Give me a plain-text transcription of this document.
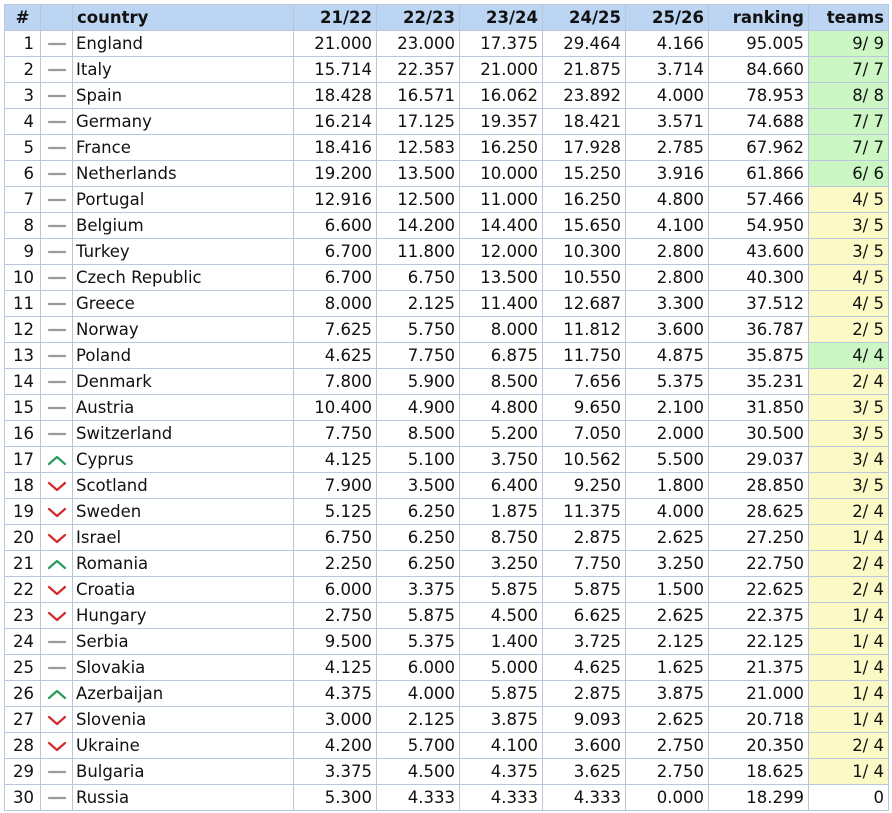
#		country	21/22	22/23	23/24	24/25	25/26	ranking	teams
1		England	21.000	23.000	17.375	29.464	4.166	95.005	9/ 9
2		Italy	15.714	22.357	21.000	21.875	3.714	84.660	7/ 7
3		Spain	18.428	16.571	16.062	23.892	4.000	78.953	8/ 8
4		Germany	16.214	17.125	19.357	18.421	3.571	74.688	7/ 7
5		France	18.416	12.583	16.250	17.928	2.785	67.962	7/ 7
6		Netherlands	19.200	13.500	10.000	15.250	3.916	61.866	6/ 6
7		Portugal	12.916	12.500	11.000	16.250	4.800	57.466	4/ 5
8		Belgium	6.600	14.200	14.400	15.650	4.100	54.950	3/ 5
9		Turkey	6.700	11.800	12.000	10.300	2.800	43.600	3/ 5
10		Czech Republic	6.700	6.750	13.500	10.550	2.800	40.300	4/ 5
11		Greece	8.000	2.125	11.400	12.687	3.300	37.512	4/ 5
12		Norway	7.625	5.750	8.000	11.812	3.600	36.787	2/ 5
13		Poland	4.625	7.750	6.875	11.750	4.875	35.875	4/ 4
14		Denmark	7.800	5.900	8.500	7.656	5.375	35.231	2/ 4
15		Austria	10.400	4.900	4.800	9.650	2.100	31.850	3/ 5
16		Switzerland	7.750	8.500	5.200	7.050	2.000	30.500	3/ 5
17		Cyprus	4.125	5.100	3.750	10.562	5.500	29.037	3/ 4
18		Scotland	7.900	3.500	6.400	9.250	1.800	28.850	3/ 5
19		Sweden	5.125	6.250	1.875	11.375	4.000	28.625	2/ 4
20		Israel	6.750	6.250	8.750	2.875	2.625	27.250	1/ 4
21		Romania	2.250	6.250	3.250	7.750	3.250	22.750	2/ 4
22		Croatia	6.000	3.375	5.875	5.875	1.500	22.625	2/ 4
23		Hungary	2.750	5.875	4.500	6.625	2.625	22.375	1/ 4
24		Serbia	9.500	5.375	1.400	3.725	2.125	22.125	1/ 4
25		Slovakia	4.125	6.000	5.000	4.625	1.625	21.375	1/ 4
26		Azerbaijan	4.375	4.000	5.875	2.875	3.875	21.000	1/ 4
27		Slovenia	3.000	2.125	3.875	9.093	2.625	20.718	1/ 4
28		Ukraine	4.200	5.700	4.100	3.600	2.750	20.350	2/ 4
29		Bulgaria	3.375	4.500	4.375	3.625	2.750	18.625	1/ 4
30		Russia	5.300	4.333	4.333	4.333	0.000	18.299	0
